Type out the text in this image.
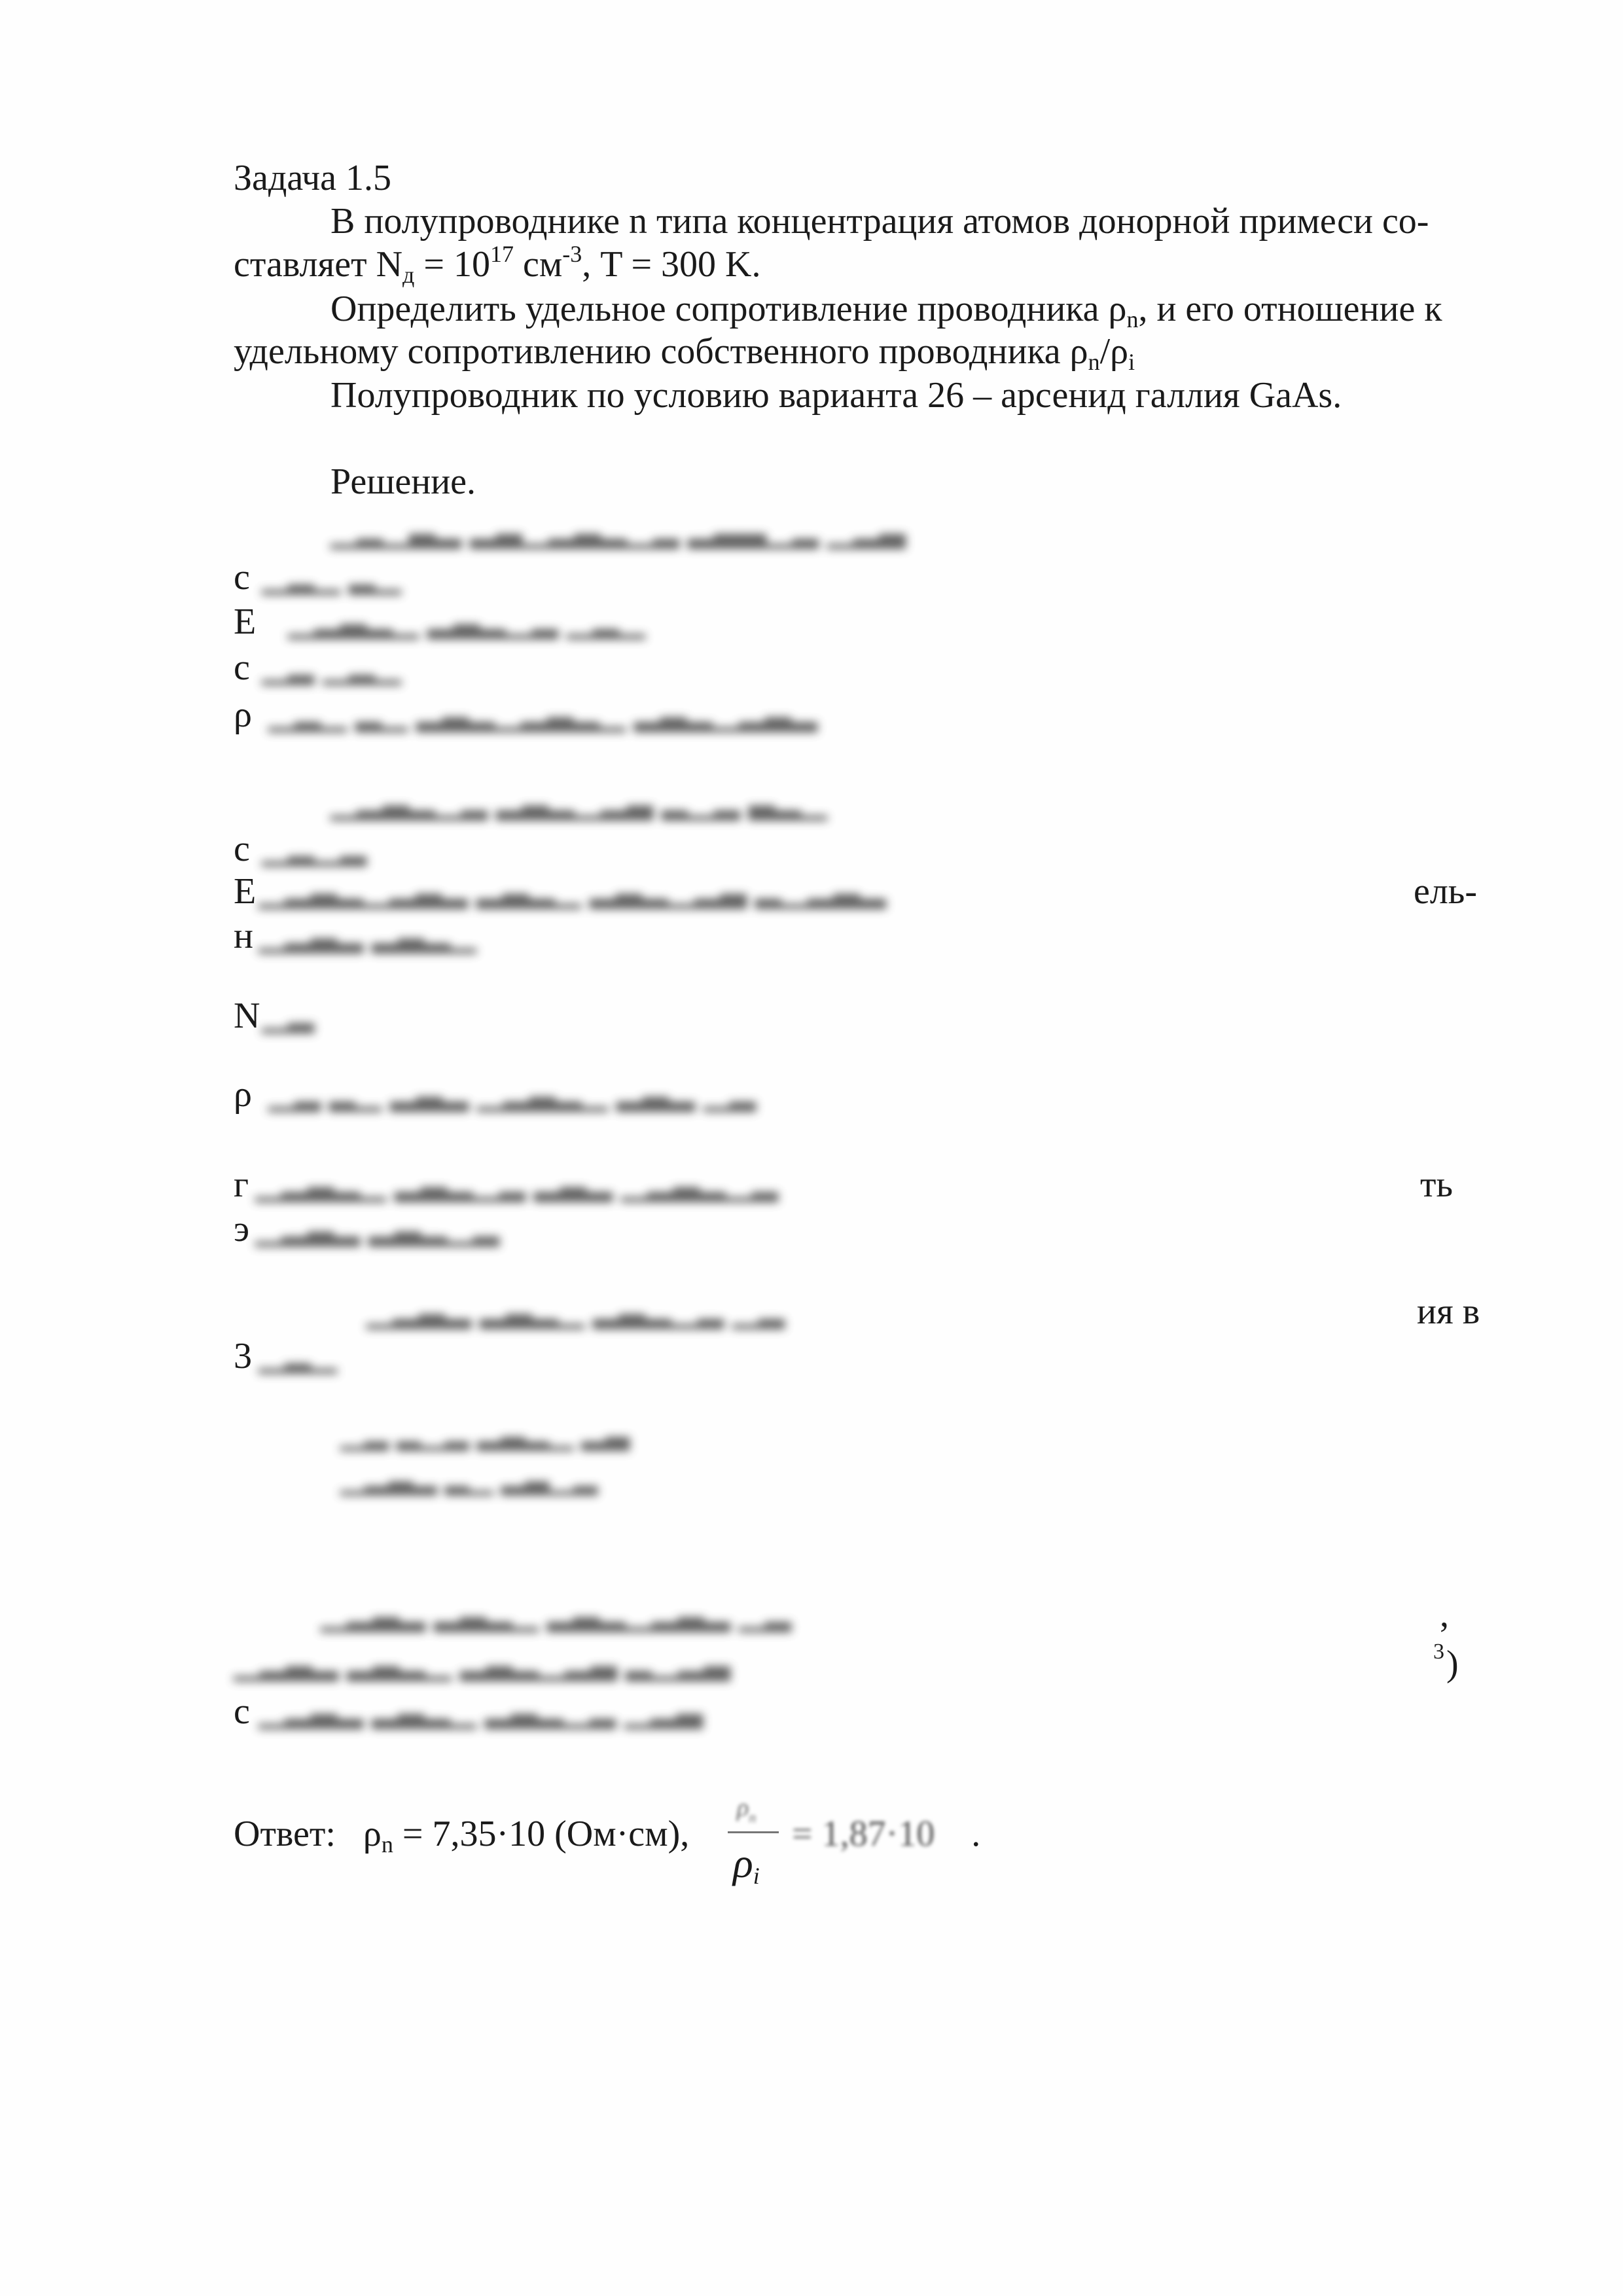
Задача 1.5
В полупроводнике n типа концентрация атомов донорной примеси со-
ставляет $N_д = 10^{17}$ $см^{-3}$, T = 300 K.
Определить удельное сопротивление проводника $\rho_n$, и его отношение к
удельному сопротивлению собственного проводника $\rho_n/\rho_i$
Полупроводник по условию варианта 26 – арсенид галлия GaAs.
Решение.
▁▂▁▃▂ ▂▃▁▂▃▂▁▂ ▂▃▃▁▂ ▁▂▃
с ▁▂▁ ▂▁
Е ▁▂▃▂▁ ▂▃▂▁▂ ▁▂▁
с ▁▂ ▁▂▁
ρ ▁▂▁ ▂▁ ▂▃▂▁▂▃▂▁ ▂▃▂▁▂▃▂
▁▂▃▂▁▂ ▂▃▂▁▂▃ ▂▁▂ ▃▂▁
с ▁▂▁▂
Е ▁▂▃▂▁▂▃▂ ▂▃▂▁ ▂▃▂▁▂▃ ▂▁▂▃▂	ель-
н ▁▂▃▂ ▂▃▂▁
N ▁▂
ρ ▁▂ ▂▁ ▂▃▂ ▁▂▃▂▁ ▂▃▂ ▁▂
г ▁▂▃▂▁ ▂▃▂▁▂ ▂▃▂ ▁▂▃▂▁▂	ть
э ▁▂▃▂ ▂▃▂▁▂
▁▂▃▂ ▂▃▂▁ ▂▃▂▁▂ ▁▂	ия в
3 ▁▂▁
▁▂ ▂▁▂ ▂▃▂▁ ▂▃
▁▂▃▂ ▂▁ ▂▃▁▂
▁▂▃▂ ▂▃▂▁ ▂▃▂▁▂▃▂ ▁▂	,
▁▂▃▂ ▂▃▂▁ ▂▃▂▁▂▃ ▂▁▂▃	3 )
с ▁▂▃▂ ▂▃▂▁ ▂▃▂▁▂ ▁▂▃
Ответ: $\rho_n = 7,35\cdot 10$ (Ом·см),
$\rho_n$
$\rho_i$
= 1,87·10 .
